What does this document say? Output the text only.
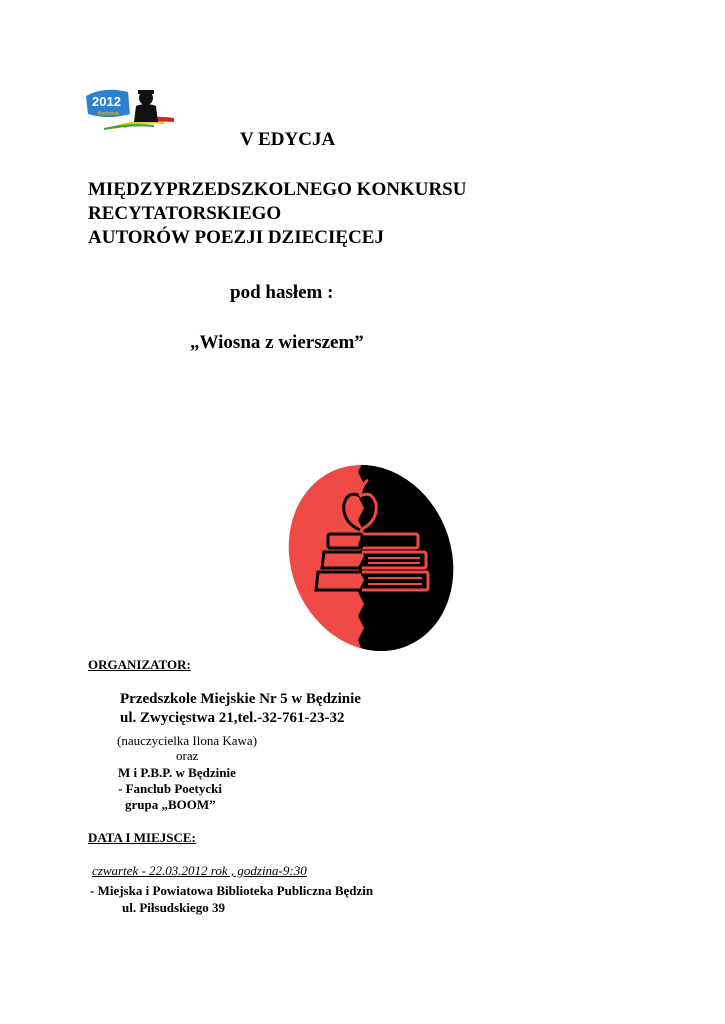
2012
Będziński
Rok Kultury
V EDYCJA
MIĘDZYPRZEDSZKOLNEGO KONKURSU
RECYTATORSKIEGO
AUTORÓW POEZJI DZIECIĘCEJ
pod hasłem :
„Wiosna z wierszem”
ORGANIZATOR:
Przedszkole Miejskie Nr 5 w Będzinie
ul. Zwycięstwa 21,tel.-32-761-23-32
(nauczycielka Ilona Kawa)
oraz
M i P.B.P. w Będzinie
- Fanclub Poetycki
grupa „BOOM”
DATA I MIEJSCE:
czwartek - 22.03.2012 rok , godzina-9:30
- Miejska i Powiatowa Biblioteka Publiczna Będzin
ul. Piłsudskiego 39
